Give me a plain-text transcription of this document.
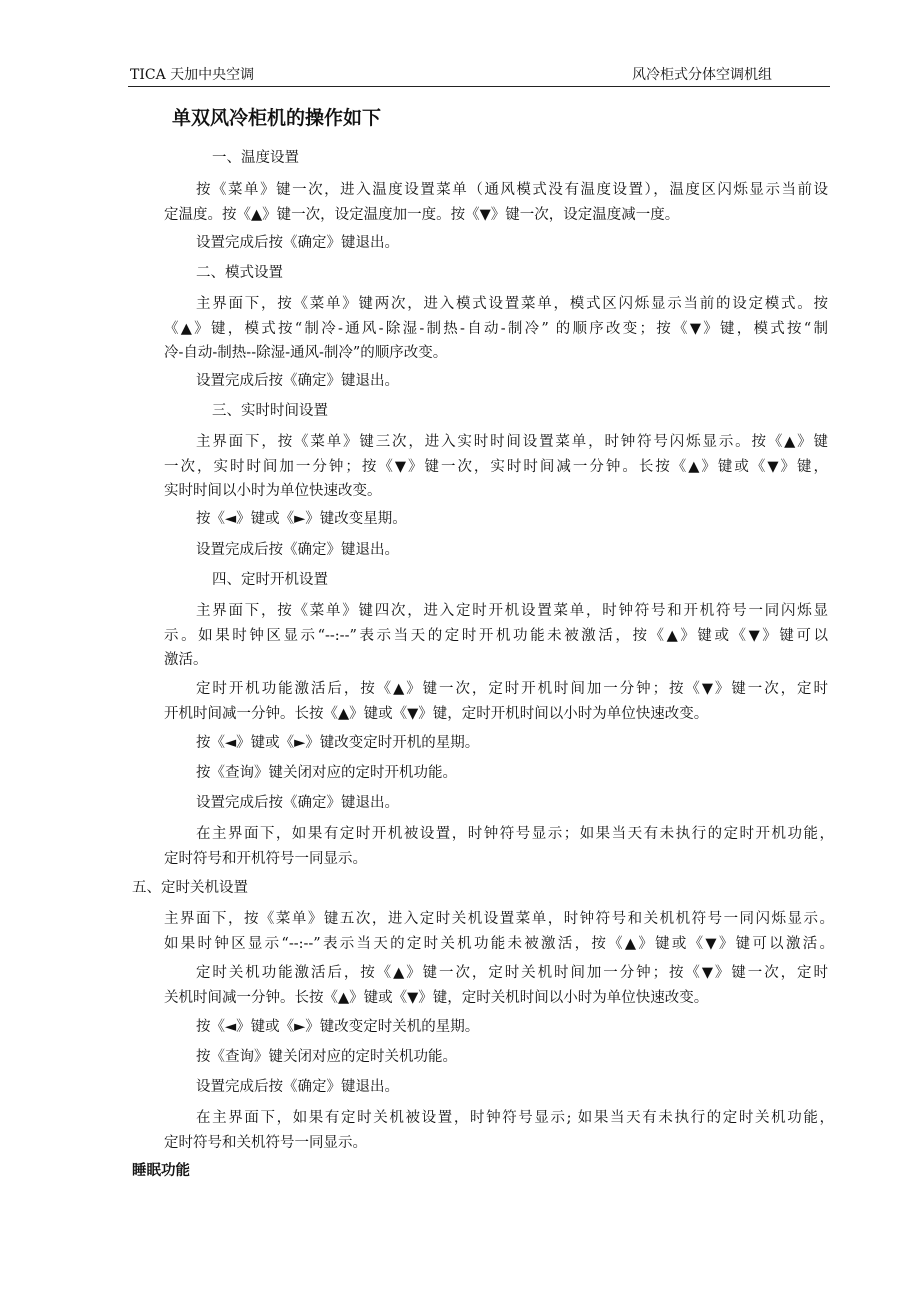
TICA 天加中央空调	风冷柜式分体空调机组
单双风冷柜机的操作如下
一、温度设置
按《菜单》键一次，进入温度设置菜单（通风模式没有温度设置），温度区闪烁显示当前设
定温度。按《▲》键一次，设定温度加一度。按《▼》键一次，设定温度减一度。
设置完成后按《确定》键退出。
二、模式设置
主界面下，按《菜单》键两次，进入模式设置菜单，模式区闪烁显示当前的设定模式。按
《▲》键，模式按“制冷-通风-除湿-制热-自动-制冷” 的顺序改变；按《▼》键，模式按“制
冷-自动-制热--除湿-通风-制冷”的顺序改变。
设置完成后按《确定》键退出。
三、实时时间设置
主界面下，按《菜单》键三次，进入实时时间设置菜单，时钟符号闪烁显示。按《▲》键
一次，实时时间加一分钟；按《▼》键一次，实时时间减一分钟。长按《▲》键或《▼》键，
实时时间以小时为单位快速改变。
按《◄》键或《►》键改变星期。
设置完成后按《确定》键退出。
四、定时开机设置
主界面下，按《菜单》键四次，进入定时开机设置菜单，时钟符号和开机符号一同闪烁显
示。如果时钟区显示“--:--”表示当天的定时开机功能未被激活，按《▲》键或《▼》键可以
激活。
定时开机功能激活后，按《▲》键一次，定时开机时间加一分钟；按《▼》键一次，定时
开机时间减一分钟。长按《▲》键或《▼》键，定时开机时间以小时为单位快速改变。
按《◄》键或《►》键改变定时开机的星期。
按《查询》键关闭对应的定时开机功能。
设置完成后按《确定》键退出。
在主界面下，如果有定时开机被设置，时钟符号显示；如果当天有未执行的定时开机功能，
定时符号和开机符号一同显示。
五、定时关机设置
主界面下，按《菜单》键五次，进入定时关机设置菜单，时钟符号和关机机符号一同闪烁显示。
如果时钟区显示“--:--”表示当天的定时关机功能未被激活，按《▲》键或《▼》键可以激活。
定时关机功能激活后，按《▲》键一次，定时关机时间加一分钟；按《▼》键一次，定时
关机时间减一分钟。长按《▲》键或《▼》键，定时关机时间以小时为单位快速改变。
按《◄》键或《►》键改变定时关机的星期。
按《查询》键关闭对应的定时关机功能。
设置完成后按《确定》键退出。
在主界面下，如果有定时关机被设置，时钟符号显示; 如果当天有未执行的定时关机功能，
定时符号和关机符号一同显示。
睡眠功能
